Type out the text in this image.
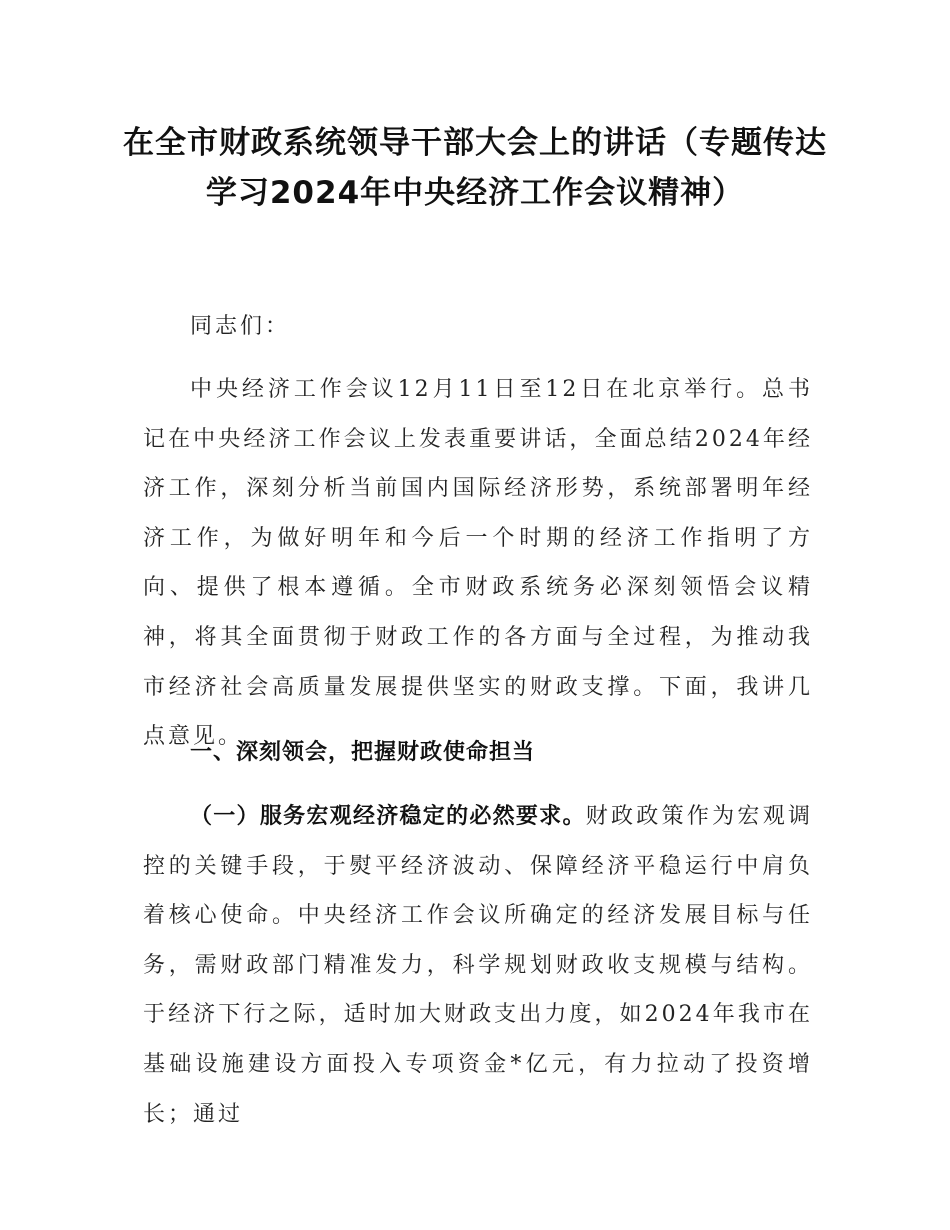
在全市财政系统领导干部大会上的讲话（专题传达学习2024年中央经济工作会议精神）

同志们：

中央经济工作会议12月11日至12日在北京举行。总书记在中央经济工作会议上发表重要讲话，全面总结2024年经济工作，深刻分析当前国内国际经济形势，系统部署明年经济工作，为做好明年和今后一个时期的经济工作指明了方向、提供了根本遵循。全市财政系统务必深刻领悟会议精神，将其全面贯彻于财政工作的各方面与全过程，为推动我市经济社会高质量发展提供坚实的财政支撑。下面，我讲几点意见。

一、深刻领会，把握财政使命担当

（一）服务宏观经济稳定的必然要求。财政政策作为宏观调控的关键手段，于熨平经济波动、保障经济平稳运行中肩负着核心使命。中央经济工作会议所确定的经济发展目标与任务，需财政部门精准发力，科学规划财政收支规模与结构。于经济下行之际，适时加大财政支出力度，如2024年我市在基础设施建设方面投入专项资金*亿元，有力拉动了投资增长；通过
